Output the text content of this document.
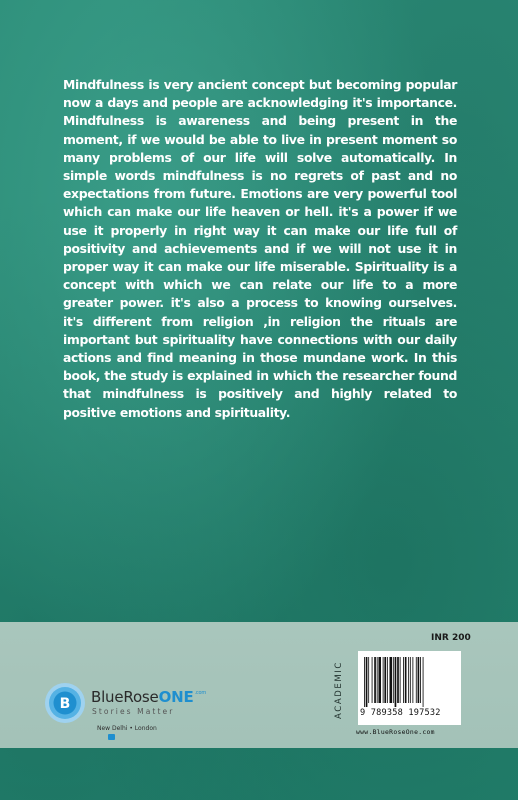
Mindfulness is very ancient concept but becoming popular now a days and people are acknowledging it's importance. Mindfulness is awareness and being present in the moment, if we would be able to live in present moment so many problems of our life will solve automatically. In simple words mindfulness is no regrets of past and no expectations from future. Emotions are very powerful tool which can make our life heaven or hell. it's a power if we use it properly in right way it can make our life full of positivity and achievements and if we will not use it in proper way it can make our life miserable. Spirituality is a concept with which we can relate our life to a more greater power. it's also a process to knowing ourselves. it's different from religion ,in religion the rituals are important but spirituality have connections with our daily actions and find meaning in those mundane work. In this book, the study is explained in which the researcher found that mindfulness is positively and highly related to positive emotions and spirituality.

B BlueRoseONE.com
Stories Matter
New Delhi • London
ACADEMIC
INR 200
9 789358 197532
www.BlueRoseOne.com
